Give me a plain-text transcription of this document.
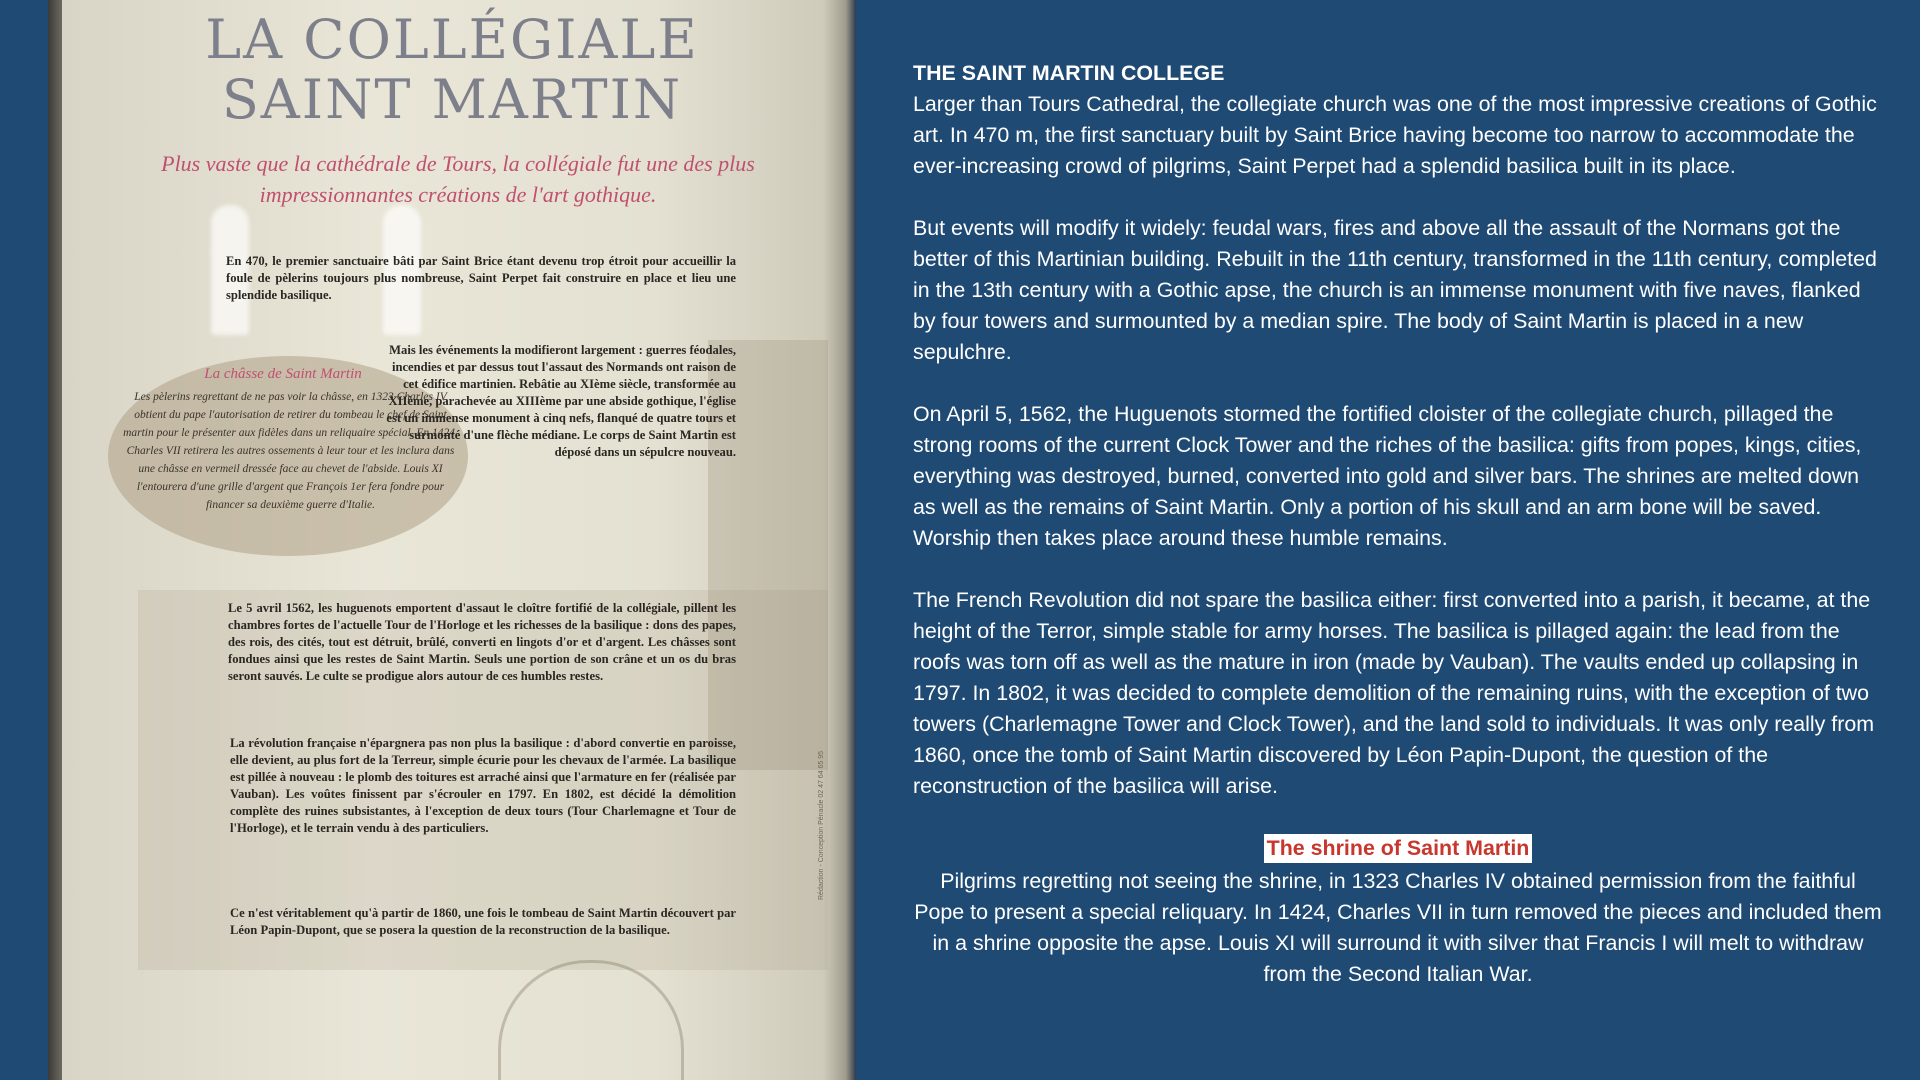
LA COLLÉGIALE
SAINT MARTIN
Plus vaste que la cathédrale de Tours, la collégiale fut une des plus impressionnantes créations de l'art gothique.
En 470, le premier sanctuaire bâti par Saint Brice étant devenu trop étroit pour accueillir la foule de pèlerins toujours plus nombreuse, Saint Perpet fait construire en place et lieu une splendide basilique.
La châsse de Saint Martin
Les pèlerins regrettant de ne pas voir la châsse, en 1323 Charles IV obtient du pape l'autorisation de retirer du tombeau le chef de Saint martin pour le présenter aux fidèles dans un reliquaire spécial. En 1424, Charles VII retirera les autres ossements à leur tour et les inclura dans une châsse en vermeil dressée face au chevet de l'abside. Louis XI l'entourera d'une grille d'argent que François 1er fera fondre pour financer sa deuxième guerre d'Italie.
Mais les événements la modifieront largement : guerres féodales, incendies et par dessus tout l'assaut des Normands ont raison de cet édifice martinien. Rebâtie au XIème siècle, transformée au XIIème, parachevée au XIIIème par une abside gothique, l'église est un immense monument à cinq nefs, flanqué de quatre tours et surmonté d'une flèche médiane. Le corps de Saint Martin est déposé dans un sépulcre nouveau.
Le 5 avril 1562, les huguenots emportent d'assaut le cloître fortifié de la collégiale, pillent les chambres fortes de l'actuelle Tour de l'Horloge et les richesses de la basilique : dons des papes, des rois, des cités, tout est détruit, brûlé, converti en lingots d'or et d'argent. Les châsses sont fondues ainsi que les restes de Saint Martin. Seuls une portion de son crâne et un os du bras seront sauvés. Le culte se prodigue alors autour de ces humbles restes.
La révolution française n'épargnera pas non plus la basilique : d'abord convertie en paroisse, elle devient, au plus fort de la Terreur, simple écurie pour les chevaux de l'armée. La basilique est pillée à nouveau : le plomb des toitures est arraché ainsi que l'armature en fer (réalisée par Vauban). Les voûtes finissent par s'écrouler en 1797. En 1802, est décidé la démolition complète des ruines subsistantes, à l'exception de deux tours (Tour Charlemagne et Tour de l'Horloge), et le terrain vendu à des particuliers.
Ce n'est véritablement qu'à partir de 1860, une fois le tombeau de Saint Martin découvert par Léon Papin-Dupont, que se posera la question de la reconstruction de la basilique.
Rédaction - Conception Pénacle 02 47 64 65 95

THE SAINT MARTIN COLLEGE
Larger than Tours Cathedral, the collegiate church was one of the most impressive creations of Gothic art. In 470 m, the first sanctuary built by Saint Brice having become too narrow to accommodate the ever-increasing crowd of pilgrims, Saint Perpet had a splendid basilica built in its place.

But events will modify it widely: feudal wars, fires and above all the assault of the Normans got the better of this Martinian building. Rebuilt in the 11th century, transformed in the 11th century, completed in the 13th century with a Gothic apse, the church is an immense monument with five naves, flanked by four towers and surmounted by a median spire. The body of Saint Martin is placed in a new sepulchre.

On April 5, 1562, the Huguenots stormed the fortified cloister of the collegiate church, pillaged the strong rooms of the current Clock Tower and the riches of the basilica: gifts from popes, kings, cities, everything was destroyed, burned, converted into gold and silver bars. The shrines are melted down as well as the remains of Saint Martin. Only a portion of his skull and an arm bone will be saved. Worship then takes place around these humble remains.

The French Revolution did not spare the basilica either: first converted into a parish, it became, at the height of the Terror, simple stable for army horses. The basilica is pillaged again: the lead from the roofs was torn off as well as the mature in iron (made by Vauban). The vaults ended up collapsing in 1797. In 1802, it was decided to complete demolition of the remaining ruins, with the exception of two towers (Charlemagne Tower and Clock Tower), and the land sold to individuals. It was only really from 1860, once the tomb of Saint Martin discovered by Léon Papin-Dupont, the question of the reconstruction of the basilica will arise.

The shrine of Saint Martin
Pilgrims regretting not seeing the shrine, in 1323 Charles IV obtained permission from the faithful Pope to present a special reliquary. In 1424, Charles VII in turn removed the pieces and included them in a shrine opposite the apse. Louis XI will surround it with silver that Francis I will melt to withdraw from the Second Italian War.
